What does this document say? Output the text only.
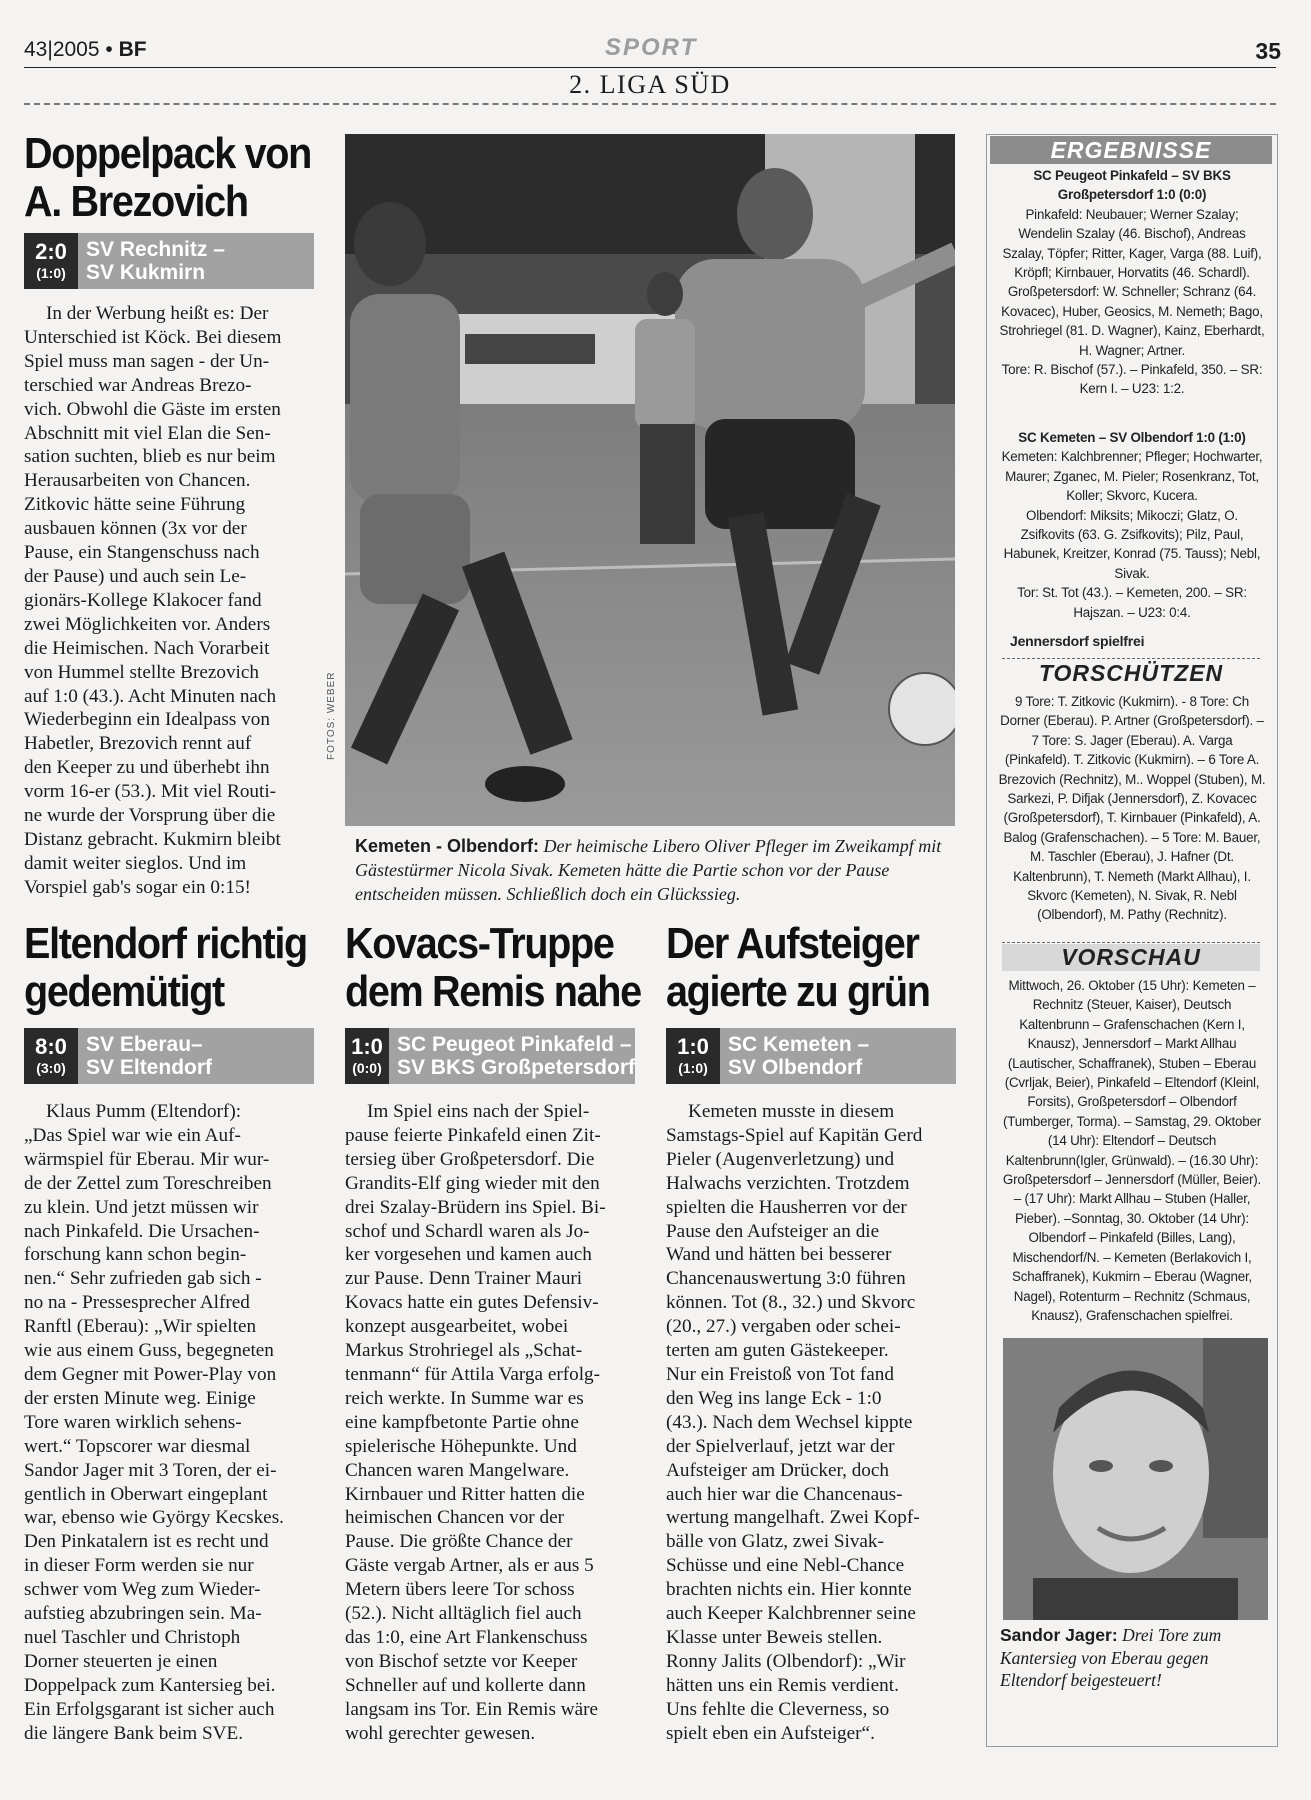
43|2005 • BF	SPORT	35
2. LIGA SÜD
Doppelpack von
A. Brezovich
2:0
(1:0)
SV Rechnitz –
SV Kukmirn
In der Werbung heißt es: Der
Unterschied ist Köck. Bei diesem
Spiel muss man sagen - der Un-
terschied war Andreas Brezo-
vich. Obwohl die Gäste im ersten
Abschnitt mit viel Elan die Sen-
sation suchten, blieb es nur beim
Herausarbeiten von Chancen.
Zitkovic hätte seine Führung
ausbauen können (3x vor der
Pause, ein Stangenschuss nach
der Pause) und auch sein Le-
gionärs-Kollege Klakocer fand
zwei Möglichkeiten vor. Anders
die Heimischen. Nach Vorarbeit
von Hummel stellte Brezovich
auf 1:0 (43.). Acht Minuten nach
Wiederbeginn ein Idealpass von
Habetler, Brezovich rennt auf
den Keeper zu und überhebt ihn
vorm 16-er (53.). Mit viel Routi-
ne wurde der Vorsprung über die
Distanz gebracht. Kukmirn bleibt
damit weiter sieglos. Und im
Vorspiel gab's sogar ein 0:15!
FOTOS: WEBER
Kemeten - Olbendorf: Der heimische Libero Oliver Pfleger im Zweikampf mit Gästestürmer Nicola Sivak. Kemeten hätte die Partie schon vor der Pause entscheiden müssen. Schließlich doch ein Glückssieg.
Eltendorf richtig
gedemütigt
8:0
(3:0)
SV Eberau–
SV Eltendorf
Klaus Pumm (Eltendorf):
„Das Spiel war wie ein Auf-
wärmspiel für Eberau. Mir wur-
de der Zettel zum Toreschreiben
zu klein. Und jetzt müssen wir
nach Pinkafeld. Die Ursachen-
forschung kann schon begin-
nen.“ Sehr zufrieden gab sich -
no na - Pressesprecher Alfred
Ranftl (Eberau): „Wir spielten
wie aus einem Guss, begegneten
dem Gegner mit Power-Play von
der ersten Minute weg. Einige
Tore waren wirklich sehens-
wert.“ Topscorer war diesmal
Sandor Jager mit 3 Toren, der ei-
gentlich in Oberwart eingeplant
war, ebenso wie György Kecskes.
Den Pinkatalern ist es recht und
in dieser Form werden sie nur
schwer vom Weg zum Wieder-
aufstieg abzubringen sein. Ma-
nuel Taschler und Christoph
Dorner steuerten je einen
Doppelpack zum Kantersieg bei.
Ein Erfolgsgarant ist sicher auch
die längere Bank beim SVE.
Kovacs-Truppe
dem Remis nahe
1:0
(0:0)
SC Peugeot Pinkafeld –
SV BKS Großpetersdorf
Im Spiel eins nach der Spiel-
pause feierte Pinkafeld einen Zit-
tersieg über Großpetersdorf. Die
Grandits-Elf ging wieder mit den
drei Szalay-Brüdern ins Spiel. Bi-
schof und Schardl waren als Jo-
ker vorgesehen und kamen auch
zur Pause. Denn Trainer Mauri
Kovacs hatte ein gutes Defensiv-
konzept ausgearbeitet, wobei
Markus Strohriegel als „Schat-
tenmann“ für Attila Varga erfolg-
reich werkte. In Summe war es
eine kampfbetonte Partie ohne
spielerische Höhepunkte. Und
Chancen waren Mangelware.
Kirnbauer und Ritter hatten die
heimischen Chancen vor der
Pause. Die größte Chance der
Gäste vergab Artner, als er aus 5
Metern übers leere Tor schoss
(52.). Nicht alltäglich fiel auch
das 1:0, eine Art Flankenschuss
von Bischof setzte vor Keeper
Schneller auf und kollerte dann
langsam ins Tor. Ein Remis wäre
wohl gerechter gewesen.
Der Aufsteiger
agierte zu grün
1:0
(1:0)
SC Kemeten –
SV Olbendorf
Kemeten musste in diesem
Samstags-Spiel auf Kapitän Gerd
Pieler (Augenverletzung) und
Halwachs verzichten. Trotzdem
spielten die Hausherren vor der
Pause den Aufsteiger an die
Wand und hätten bei besserer
Chancenauswertung 3:0 führen
können. Tot (8., 32.) und Skvorc
(20., 27.) vergaben oder schei-
terten am guten Gästekeeper.
Nur ein Freistoß von Tot fand
den Weg ins lange Eck - 1:0
(43.). Nach dem Wechsel kippte
der Spielverlauf, jetzt war der
Aufsteiger am Drücker, doch
auch hier war die Chancenaus-
wertung mangelhaft. Zwei Kopf-
bälle von Glatz, zwei Sivak-
Schüsse und eine Nebl-Chance
brachten nichts ein. Hier konnte
auch Keeper Kalchbrenner seine
Klasse unter Beweis stellen.
Ronny Jalits (Olbendorf): „Wir
hätten uns ein Remis verdient.
Uns fehlte die Cleverness, so
spielt eben ein Aufsteiger“.
ERGEBNISSE
SC Peugeot Pinkafeld – SV BKS Großpetersdorf 1:0 (0:0)
Pinkafeld: Neubauer; Werner Szalay; Wendelin Szalay (46. Bischof), Andreas Szalay, Töpfer; Ritter, Kager, Varga (88. Luif), Kröpfl; Kirnbauer, Horvatits (46. Schardl).
Großpetersdorf: W. Schneller; Schranz (64. Kovacec), Huber, Geosics, M. Nemeth; Bago, Strohriegel (81. D. Wagner), Kainz, Eberhardt, H. Wagner; Artner.
Tore: R. Bischof (57.). – Pinkafeld, 350. – SR: Kern I. – U23: 1:2.
SC Kemeten – SV Olbendorf 1:0 (1:0)
Kemeten: Kalchbrenner; Pfleger; Hochwarter, Maurer; Zganec, M. Pieler; Rosenkranz, Tot, Koller; Skvorc, Kucera.
Olbendorf: Miksits; Mikoczi; Glatz, O. Zsifkovits (63. G. Zsifkovits); Pilz, Paul, Habunek, Kreitzer, Konrad (75. Tauss); Nebl, Sivak.
Tor: St. Tot (43.). – Kemeten, 200. – SR: Hajszan. – U23: 0:4.
Jennersdorf spielfrei
TORSCHÜTZEN
9 Tore: T. Zitkovic (Kukmirn). - 8 Tore: Ch Dorner (Eberau). P. Artner (Großpetersdorf). – 7 Tore: S. Jager (Eberau). A. Varga (Pinkafeld). T. Zitkovic (Kukmirn). – 6 Tore A. Brezovich (Rechnitz), M.. Woppel (Stuben), M. Sarkezi, P. Difjak (Jennersdorf), Z. Kovacec (Großpetersdorf), T. Kirnbauer (Pinkafeld), A. Balog (Grafenschachen). – 5 Tore: M. Bauer, M. Taschler (Eberau), J. Hafner (Dt. Kaltenbrunn), T. Nemeth (Markt Allhau), I. Skvorc (Kemeten), N. Sivak, R. Nebl (Olbendorf), M. Pathy (Rechnitz).
VORSCHAU
Mittwoch, 26. Oktober (15 Uhr): Kemeten – Rechnitz (Steuer, Kaiser), Deutsch Kaltenbrunn – Grafenschachen (Kern I, Knausz), Jennersdorf – Markt Allhau (Lautischer, Schaffranek), Stuben – Eberau (Cvrljak, Beier), Pinkafeld – Eltendorf (Kleinl, Forsits), Großpetersdorf – Olbendorf (Tumberger, Torma). – Samstag, 29. Oktober (14 Uhr): Eltendorf – Deutsch Kaltenbrunn(Igler, Grünwald). – (16.30 Uhr): Großpetersdorf – Jennersdorf (Müller, Beier). – (17 Uhr): Markt Allhau – Stuben (Haller, Pieber). –Sonntag, 30. Oktober (14 Uhr): Olbendorf – Pinkafeld (Billes, Lang), Mischendorf/N. – Kemeten (Berlakovich I, Schaffranek), Kukmirn – Eberau (Wagner, Nagel), Rotenturm – Rechnitz (Schmaus, Knausz), Grafenschachen spielfrei.
Sandor Jager: Drei Tore zum Kantersieg von Eberau gegen Eltendorf beigesteuert!
